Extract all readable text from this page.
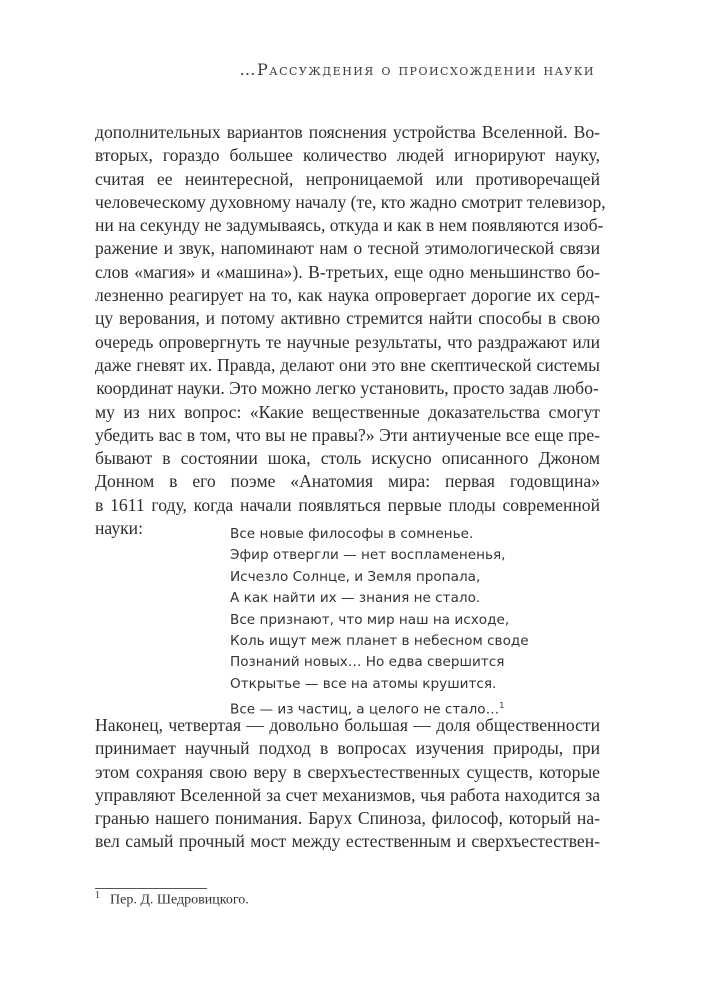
…Рассуждения о происхождении науки
дополнительных вариантов пояснения устройства Вселенной. Во-
вторых, гораздо большее количество людей игнорируют науку,
считая ее неинтересной, непроницаемой или противоречащей
человеческому духовному началу (те, кто жадно смотрит телевизор,
ни на секунду не задумываясь, откуда и как в нем появляются изоб-
ражение и звук, напоминают нам о тесной этимологической связи
слов «магия» и «машина»). В-третьих, еще одно меньшинство бо-
лезненно реагирует на то, как наука опровергает дорогие их серд-
цу верования, и потому активно стремится найти способы в свою
очередь опровергнуть те научные результаты, что раздражают или
даже гневят их. Правда, делают они это вне скептической системы
координат науки. Это можно легко установить, просто задав любо-
му из них вопрос: «Какие вещественные доказательства смогут
убедить вас в том, что вы не правы?» Эти антиученые все еще пре-
бывают в состоянии шока, столь искусно описанного Джоном
Донном в его поэме «Анатомия мира: первая годовщина»
в 1611 году, когда начали появляться первые плоды современной
науки:	Все новые философы в сомненье.
Эфир отвергли — нет воспламененья,
Исчезло Солнце, и Земля пропала,
А как найти их — знания не стало.
Все признают, что мир наш на исходе,
Коль ищут меж планет в небесном своде
Познаний новых… Но едва свершится
Открытье — все на атомы крушится.
Все — из частиц, а целого не стало…$^1$
Наконец, четвертая — довольно большая — доля общественности
принимает научный подход в вопросах изучения природы, при
этом сохраняя свою веру в сверхъестественных существ, которые
управляют Вселенной за счет механизмов, чья работа находится за
гранью нашего понимания. Барух Спиноза, философ, который на-
вел самый прочный мост между естественным и сверхъестествен-
$^1$ Пер. Д. Шедровицкого.
